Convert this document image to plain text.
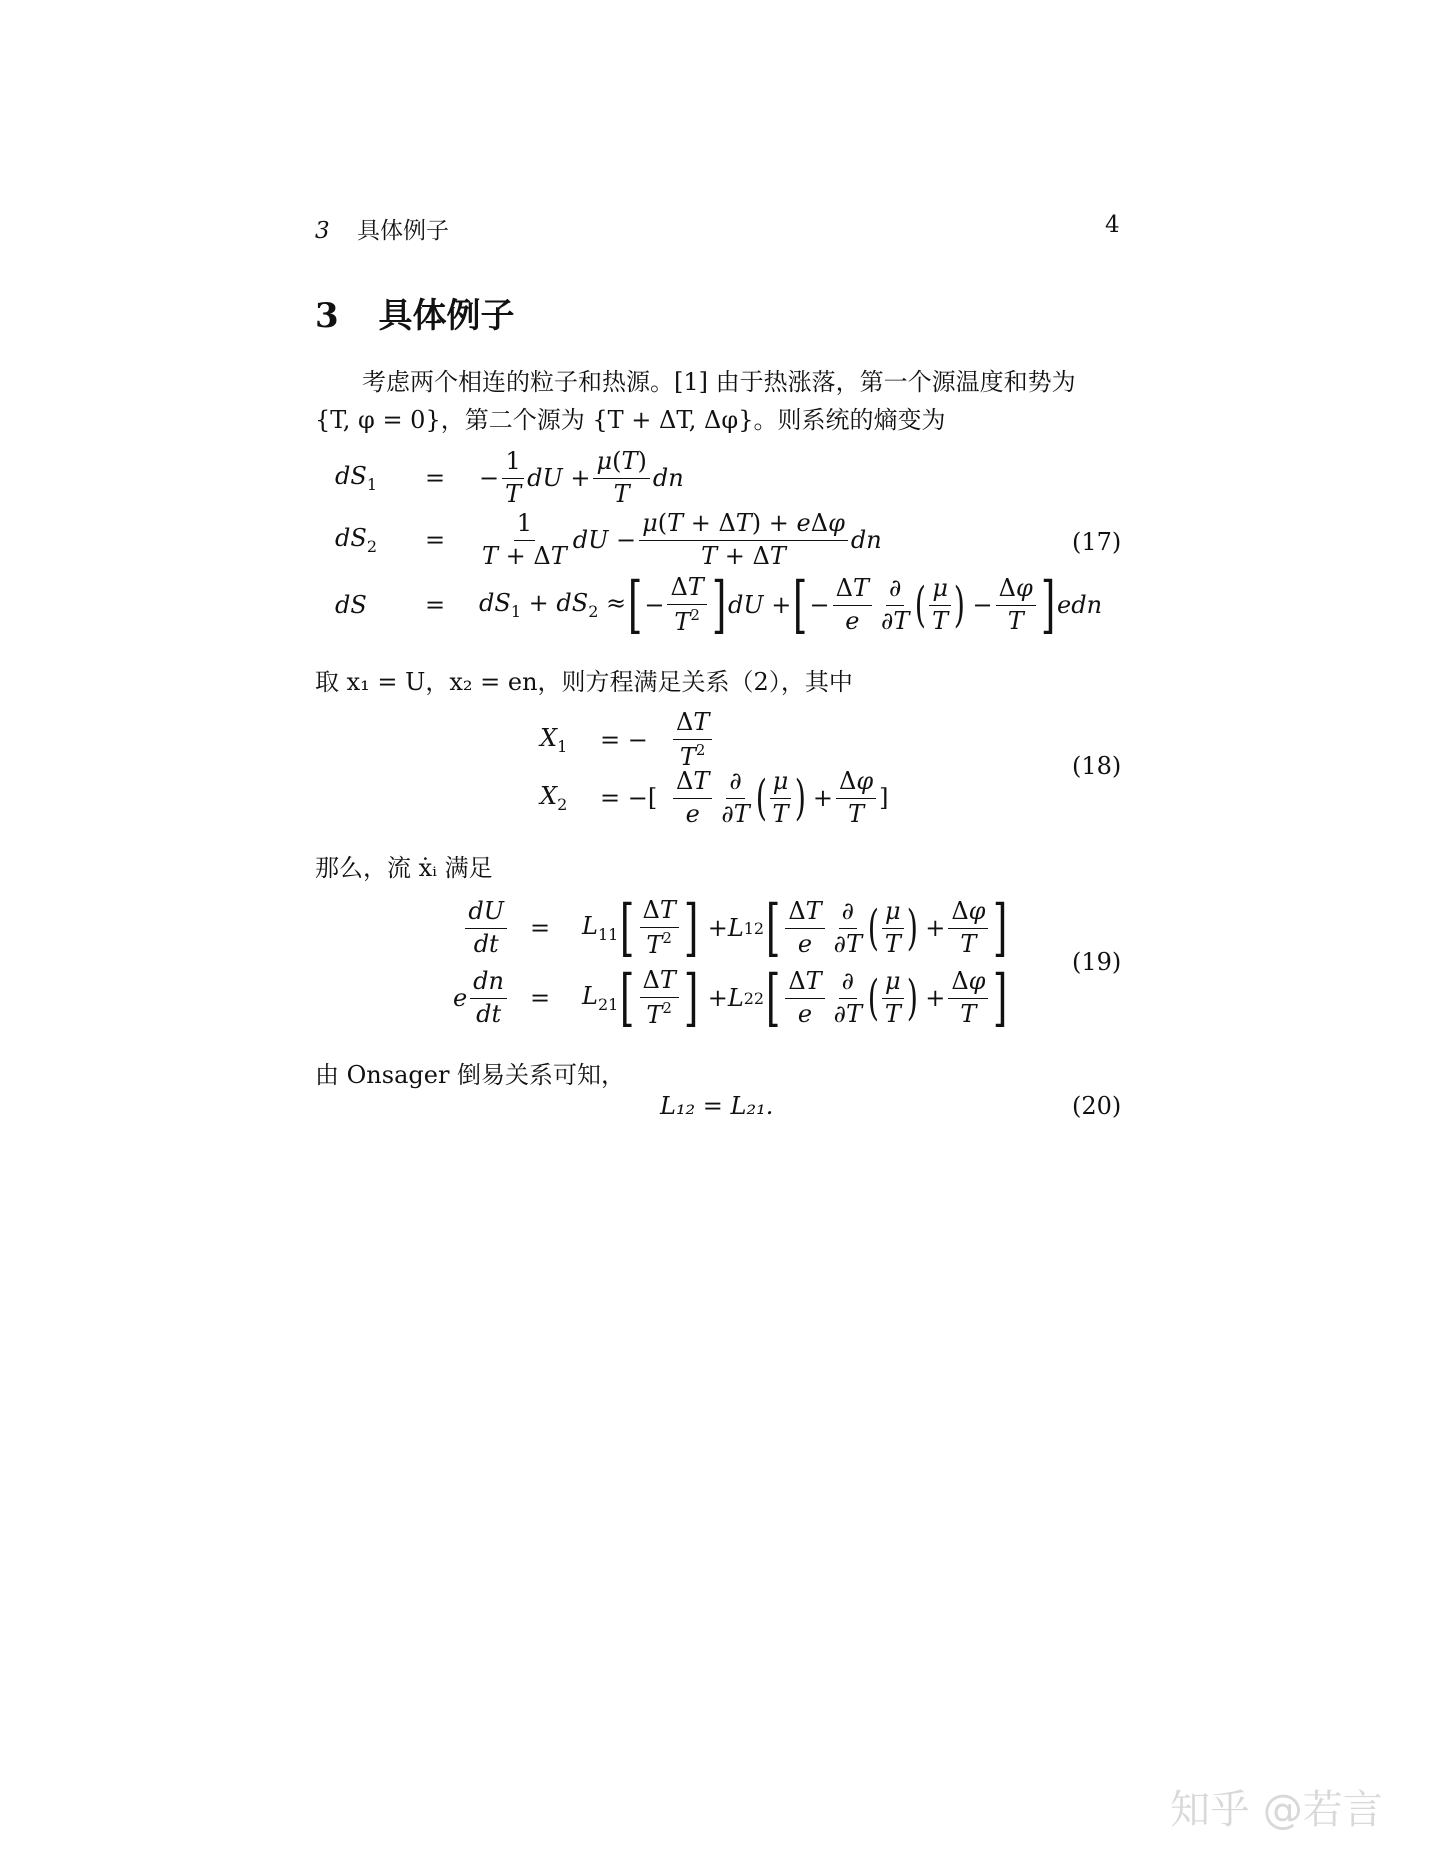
3 具体例子	4
3 具体例子
考虑两个相连的粒子和热源。[1] 由于热涨落，第一个源温度和势为
{T, φ = 0}，第二个源为 {T + ΔT, Δφ}。则系统的熵变为
$dS_1$	=	− $\frac{1}{T}$ dU + $\frac{\mu(T)}{T}$ dn
$dS_2$	=	$\frac{1}{T + \Delta T}$ dU − $\frac{\text{μ(T + ΔT) + eΔφ}}{T + \Delta T}$ dn
dS	=	$dS_1 + dS_2$ ≈ [ − $\frac{\Delta T}{T^2}$ ] dU + [ − $\frac{\Delta T}{e} \frac{\partial}{\partial T}$ ( $\frac{\mu}{T}$ ) − $\frac{\Delta\varphi}{T}$ ] edn
(17)
取 x₁ = U，x₂ = en，则方程满足关系（2），其中
$X_1$	= −	$\frac{\Delta T}{T^2}$
$X_2$	= −[ $\frac{\Delta T}{e} \frac{\partial}{\partial T}$ ( $\frac{\mu}{T}$ ) + $\frac{\Delta\varphi}{T}$ ]
(18)
那么，流 ẋᵢ 满足
$\frac{dU}{dt}$ =	$L_{11}$ [ $\frac{\Delta T}{T^2}$ ] + L 12 [ $\frac{\Delta T}{e} \frac{\partial}{\partial T}$ ( $\frac{\mu}{T}$ ) + $\frac{\Delta\varphi}{T}$ ]
e $\frac{dn}{dt}$ =	$L_{21}$ [ $\frac{\Delta T}{T^2}$ ] + L 22 [ $\frac{\Delta T}{e} \frac{\partial}{\partial T}$ ( $\frac{\mu}{T}$ ) + $\frac{\Delta\varphi}{T}$ ]	(19)
由 Onsager 倒易关系可知，
L₁₂ = L₂₁.	(20)
知乎 @若言
